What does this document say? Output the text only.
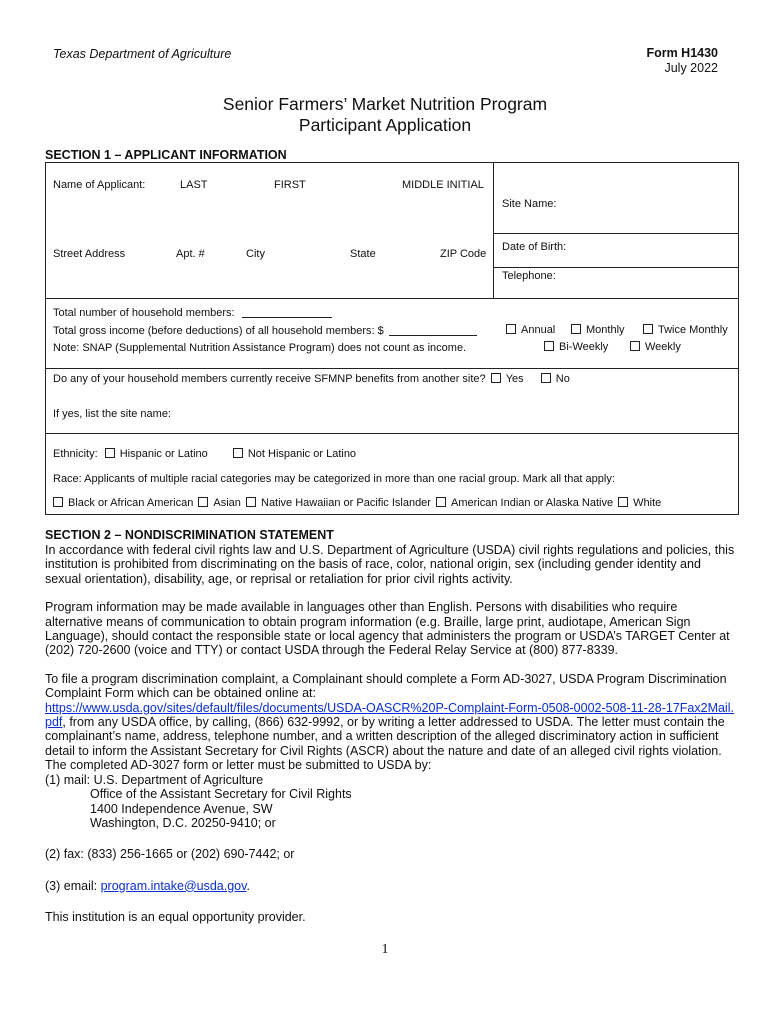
Texas Department of Agriculture	Form H1430
July 2022
Senior Farmers’ Market Nutrition Program
Participant Application
SECTION 1 – APPLICANT INFORMATION
Name of Applicant:	LAST	FIRST	MIDDLE INITIAL
Site Name:
Street Address	Apt. #	City	State	ZIP Code
Date of Birth:
Telephone:
Total number of household members:
Total gross income (before deductions) of all household members: $	Annual	Monthly	Twice Monthly
Note: SNAP (Supplemental Nutrition Assistance Program) does not count as income.	Bi-Weekly	Weekly
Do any of your household members currently receive SFMNP benefits from another site? Yes	No
If yes, list the site name:
Ethnicity: Hispanic or Latino	Not Hispanic or Latino
Race: Applicants of multiple racial categories may be categorized in more than one racial group. Mark all that apply:
Black or African American Asian Native Hawaiian or Pacific Islander American Indian or Alaska Native White
SECTION 2 – NONDISCRIMINATION STATEMENT

In accordance with federal civil rights law and U.S. Department of Agriculture (USDA) civil rights regulations and policies, this institution is prohibited from discriminating on the basis of race, color, national origin, sex (including gender identity and sexual orientation), disability, age, or reprisal or retaliation for prior civil rights activity.

Program information may be made available in languages other than English. Persons with disabilities who require alternative means of communication to obtain program information (e.g. Braille, large print, audiotape, American Sign Language), should contact the responsible state or local agency that administers the program or USDA’s TARGET Center at (202) 720-2600 (voice and TTY) or contact USDA through the Federal Relay Service at (800) 877-8339.

To file a program discrimination complaint, a Complainant should complete a Form AD-3027, USDA Program Discrimination Complaint Form which can be obtained online at:
https://www.usda.gov/sites/default/files/documents/USDA-OASCR%20P-Complaint-Form-0508-0002-508-11-28-17Fax2Mail.pdf, from any USDA office, by calling, (866) 632-9992, or by writing a letter addressed to USDA. The letter must contain the complainant’s name, address, telephone number, and a written description of the alleged discriminatory action in sufficient detail to inform the Assistant Secretary for Civil Rights (ASCR) about the nature and date of an alleged civil rights violation. The completed AD-3027 form or letter must be submitted to USDA by:

(1) mail: U.S. Department of Agriculture
Office of the Assistant Secretary for Civil Rights
1400 Independence Avenue, SW
Washington, D.C. 20250-9410; or
(2) fax: (833) 256-1665 or (202) 690-7442; or
(3) email: program.intake@usda.gov.
This institution is an equal opportunity provider.
1
